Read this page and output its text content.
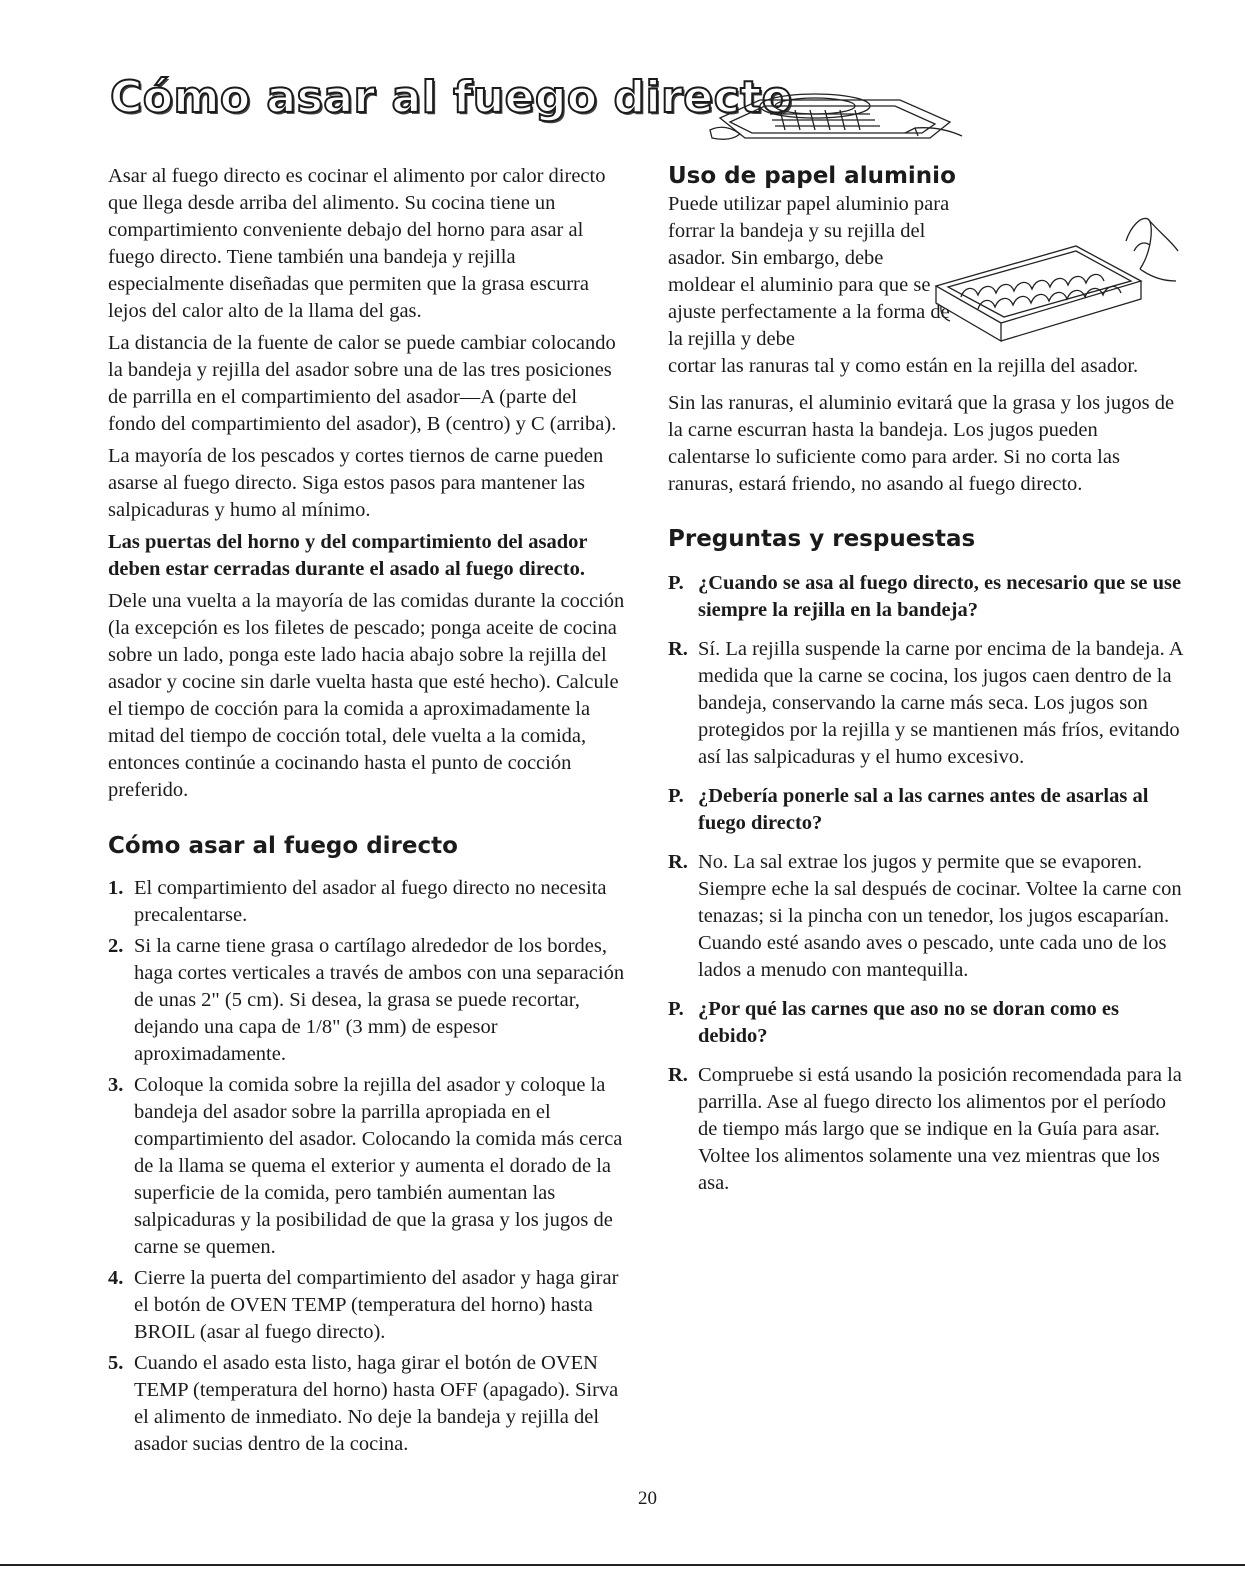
Cómo asar al fuego directo

Asar al fuego directo es cocinar el alimento por calor directo que llega desde arriba del alimento. Su cocina tiene un compartimiento conveniente debajo del horno para asar al fuego directo. Tiene también una bandeja y rejilla especialmente diseñadas que permiten que la grasa escurra lejos del calor alto de la llama del gas.

La distancia de la fuente de calor se puede cambiar colocando la bandeja y rejilla del asador sobre una de las tres posiciones de parrilla en el compartimiento del asador—A (parte del fondo del compartimiento del asador), B (centro) y C (arriba).

La mayoría de los pescados y cortes tiernos de carne pueden asarse al fuego directo. Siga estos pasos para mantener las salpicaduras y humo al mínimo.

Las puertas del horno y del compartimiento del asador deben estar cerradas durante el asado al fuego directo.

Dele una vuelta a la mayoría de las comidas durante la cocción (la excepción es los filetes de pescado; ponga aceite de cocina sobre un lado, ponga este lado hacia abajo sobre la rejilla del asador y cocine sin darle vuelta hasta que esté hecho). Calcule el tiempo de cocción para la comida a aproximadamente la mitad del tiempo de cocción total, dele vuelta a la comida, entonces continúe a cocinando hasta el punto de cocción preferido.

Cómo asar al fuego directo
1. El compartimiento del asador al fuego directo no necesita precalentarse.
2. Si la carne tiene grasa o cartílago alrededor de los bordes, haga cortes verticales a través de ambos con una separación de unas 2" (5 cm). Si desea, la grasa se puede recortar, dejando una capa de 1/8" (3 mm) de espesor aproximadamente.
3. Coloque la comida sobre la rejilla del asador y coloque la bandeja del asador sobre la parrilla apropiada en el compartimiento del asador. Colocando la comida más cerca de la llama se quema el exterior y aumenta el dorado de la superficie de la comida, pero también aumentan las salpicaduras y la posibilidad de que la grasa y los jugos de carne se quemen.
4. Cierre la puerta del compartimiento del asador y haga girar el botón de OVEN TEMP (temperatura del horno) hasta BROIL (asar al fuego directo).
5. Cuando el asado esta listo, haga girar el botón de OVEN TEMP (temperatura del horno) hasta OFF (apagado). Sirva el alimento de inmediato. No deje la bandeja y rejilla del asador sucias dentro de la cocina.
Uso de papel aluminio

Puede utilizar papel aluminio para forrar la bandeja y su rejilla del asador. Sin embargo, debe moldear el aluminio para que se ajuste perfectamente a la forma de la rejilla y debe

cortar las ranuras tal y como están en la rejilla del asador.

Sin las ranuras, el aluminio evitará que la grasa y los jugos de la carne escurran hasta la bandeja. Los jugos pueden calentarse lo suficiente como para arder. Si no corta las ranuras, estará friendo, no asando al fuego directo.

Preguntas y respuestas
P. ¿Cuando se asa al fuego directo, es necesario que se use siempre la rejilla en la bandeja?
R. Sí. La rejilla suspende la carne por encima de la bandeja. A medida que la carne se cocina, los jugos caen dentro de la bandeja, conservando la carne más seca. Los jugos son protegidos por la rejilla y se mantienen más fríos, evitando así las salpicaduras y el humo excesivo.
P. ¿Debería ponerle sal a las carnes antes de asarlas al fuego directo?
R. No. La sal extrae los jugos y permite que se evaporen. Siempre eche la sal después de cocinar. Voltee la carne con tenazas; si la pincha con un tenedor, los jugos escaparían. Cuando esté asando aves o pescado, unte cada uno de los lados a menudo con mantequilla.
P. ¿Por qué las carnes que aso no se doran como es debido?
R. Compruebe si está usando la posición recomendada para la parrilla. Ase al fuego directo los alimentos por el período de tiempo más largo que se indique en la Guía para asar. Voltee los alimentos solamente una vez mientras que los asa.
20
